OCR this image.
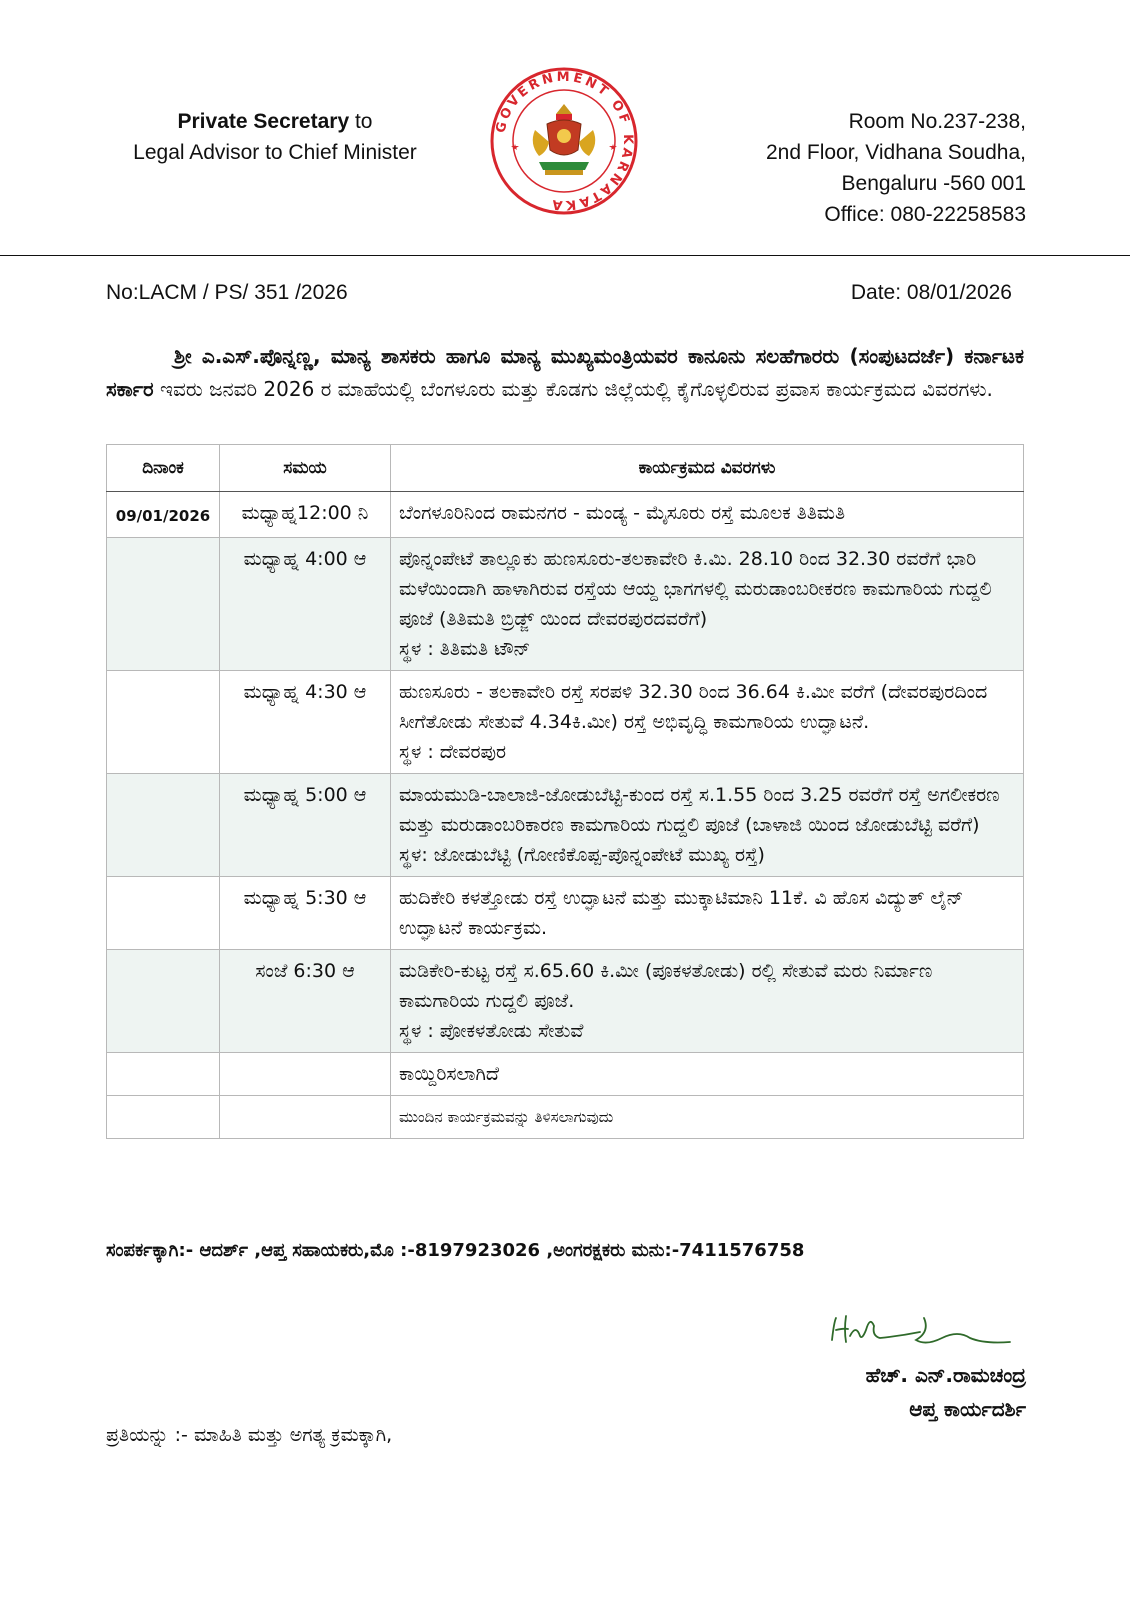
Private Secretary to
Legal Advisor to Chief Minister
GOVERNMENT OF KARNATAKA
Room No.237-238,
2nd Floor, Vidhana Soudha,
Bengaluru -560 001
Office: 080-22258583
No:LACM / PS/ 351 /2026	Date: 08/01/2026
ಶ್ರೀ ಎ.ಎಸ್.ಪೊನ್ನಣ್ಣ, ಮಾನ್ಯ ಶಾಸಕರು ಹಾಗೂ ಮಾನ್ಯ ಮುಖ್ಯಮಂತ್ರಿಯವರ ಕಾನೂನು ಸಲಹೆಗಾರರು (ಸಂಪುಟದರ್ಜೆ) ಕರ್ನಾಟಕ ಸರ್ಕಾರ ಇವರು ಜನವರಿ 2026 ರ ಮಾಹೆಯಲ್ಲಿ ಬೆಂಗಳೂರು ಮತ್ತು ಕೊಡಗು ಜಿಲ್ಲೆಯಲ್ಲಿ ಕೈಗೊಳ್ಳಲಿರುವ ಪ್ರವಾಸ ಕಾರ್ಯಕ್ರಮದ ವಿವರಗಳು.
ದಿನಾಂಕ	ಸಮಯ	ಕಾರ್ಯಕ್ರಮದ ವಿವರಗಳು
09/01/2026	ಮಧ್ಯಾಹ್ನ12:00 ನಿ	ಬೆಂಗಳೂರಿನಿಂದ ರಾಮನಗರ - ಮಂಡ್ಯ - ಮೈಸೂರು ರಸ್ತೆ ಮೂಲಕ ತಿತಿಮತಿ

	ಮಧ್ಯಾಹ್ನ 4:00 ಆ	ಪೊನ್ನಂಪೇಟೆ ತಾಲ್ಲೂಕು ಹುಣಸೂರು-ತಲಕಾವೇರಿ ಕಿ.ಮಿ. 28.10 ರಿಂದ 32.30 ರವರೆಗೆ ಭಾರಿ ಮಳೆಯಿಂದಾಗಿ ಹಾಳಾಗಿರುವ ರಸ್ತೆಯ ಆಯ್ದ ಭಾಗಗಳಲ್ಲಿ ಮರುಡಾಂಬರೀಕರಣ ಕಾಮಗಾರಿಯ ಗುದ್ದಲಿ ಪೂಜೆ (ತಿತಿಮತಿ ಬ್ರಿಡ್ಜ್ ಯಿಂದ ದೇವರಪುರದವರೆಗೆ)
ಸ್ಥಳ : ತಿತಿಮತಿ ಟೌನ್

	ಮಧ್ಯಾಹ್ನ 4:30 ಆ	ಹುಣಸೂರು - ತಲಕಾವೇರಿ ರಸ್ತೆ ಸರಪಳಿ 32.30 ರಿಂದ 36.64 ಕಿ.ಮೀ ವರೆಗೆ (ದೇವರಪುರದಿಂದ ಸೀಗೆತೋಡು ಸೇತುವೆ 4.34ಕಿ.ಮೀ) ರಸ್ತೆ ಅಭಿವೃದ್ಧಿ ಕಾಮಗಾರಿಯ ಉದ್ಘಾಟನೆ.
ಸ್ಥಳ : ದೇವರಪುರ

	ಮಧ್ಯಾಹ್ನ 5:00 ಆ	ಮಾಯಮುಡಿ-ಬಾಲಾಜಿ-ಜೋಡುಬೆಟ್ಟಿ-ಕುಂದ ರಸ್ತೆ ಸ.1.55 ರಿಂದ 3.25 ರವರೆಗೆ ರಸ್ತೆ ಅಗಲೀಕರಣ ಮತ್ತು ಮರುಡಾಂಬರಿಕಾರಣ ಕಾಮಗಾರಿಯ ಗುದ್ದಲಿ ಪೂಜೆ (ಬಾಳಾಜಿ ಯಿಂದ ಜೋಡುಬೆಟ್ಟಿ ವರೆಗೆ)
ಸ್ಥಳ: ಜೋಡುಬೆಟ್ಟಿ (ಗೋಣಿಕೊಪ್ಪ-ಪೊನ್ನಂಪೇಟೆ ಮುಖ್ಯ ರಸ್ತೆ)

	ಮಧ್ಯಾಹ್ನ 5:30 ಆ	ಹುದಿಕೇರಿ ಕಳತ್ತೋಡು ರಸ್ತೆ ಉದ್ಘಾಟನೆ ಮತ್ತು ಮುಕ್ಕಾಟಿಮಾನಿ 11ಕೆ. ವಿ ಹೊಸ ವಿದ್ಯುತ್ ಲೈನ್ ಉದ್ಘಾಟನೆ ಕಾರ್ಯಕ್ರಮ.

	ಸಂಜೆ 6:30 ಆ	ಮಡಿಕೇರಿ-ಕುಟ್ಟ ರಸ್ತೆ ಸ.65.60 ಕಿ.ಮೀ (ಪೂಕಳತೋಡು) ರಲ್ಲಿ ಸೇತುವೆ ಮರು ನಿರ್ಮಾಣ ಕಾಮಗಾರಿಯ ಗುದ್ದಲಿ ಪೂಜೆ.
ಸ್ಥಳ : ಪೋಕಳತೋಡು ಸೇತುವೆ

		ಕಾಯ್ದಿರಿಸಲಾಗಿದೆ

		ಮುಂದಿನ ಕಾರ್ಯಕ್ರಮವನ್ನು ತಿಳಿಸಲಾಗುವುದು
ಸಂಪರ್ಕಕ್ಕಾಗಿ:- ಆದರ್ಶ್ ,ಆಪ್ತ ಸಹಾಯಕರು,ಮೊ :-8197923026 ,ಅಂಗರಕ್ಷಕರು ಮನು:-7411576758
ಹೆಚ್. ಎನ್.ರಾಮಚಂದ್ರ
ಆಪ್ತ ಕಾರ್ಯದರ್ಶಿ
ಪ್ರತಿಯನ್ನು :- ಮಾಹಿತಿ ಮತ್ತು ಅಗತ್ಯ ಕ್ರಮಕ್ಕಾಗಿ,
